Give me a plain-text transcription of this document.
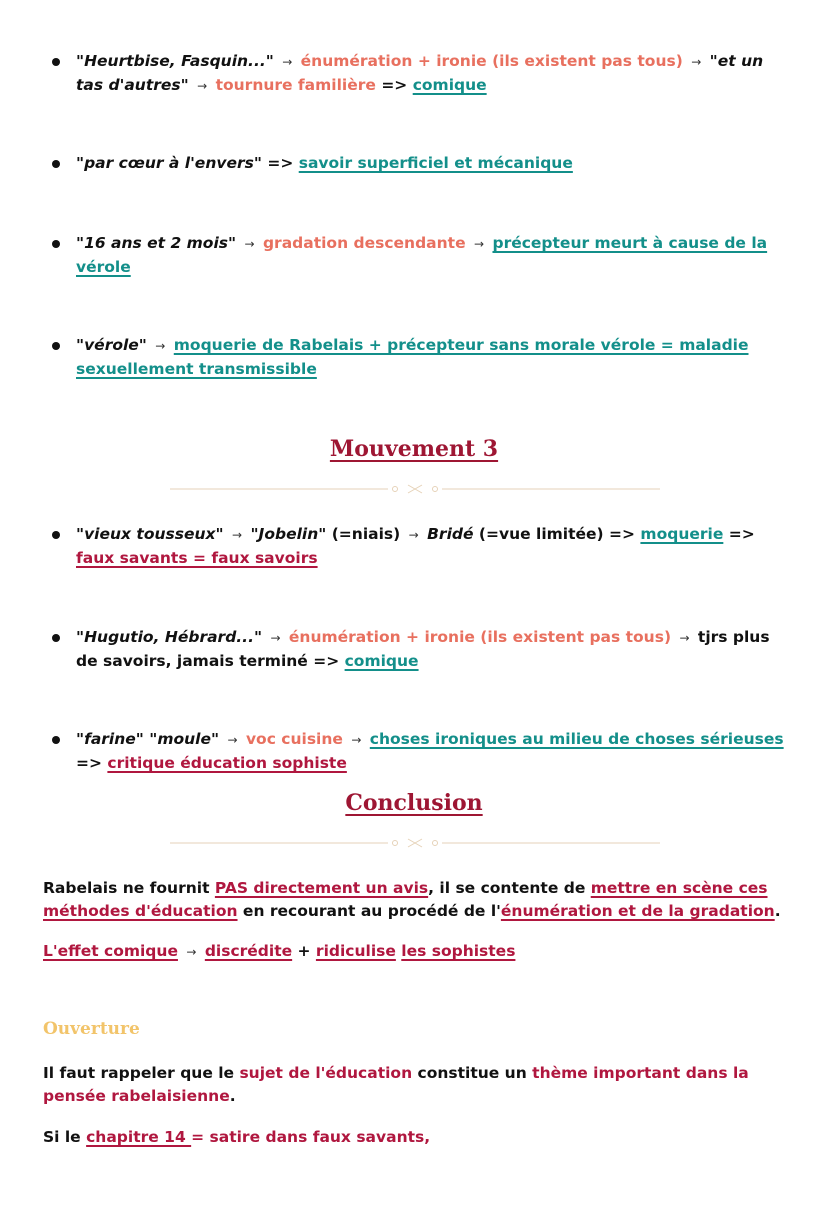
"Heurtbise, Fasquin..." → énumération + ironie (ils existent pas tous) → "et un tas d'autres" → tournure familière => comique
"par cœur à l'envers" => savoir superficiel et mécanique
"16 ans et 2 mois" → gradation descendante → précepteur meurt à cause de la vérole
"vérole" → moquerie de Rabelais + précepteur sans morale vérole = maladie sexuellement transmissible
Mouvement 3
"vieux tousseux" → "Jobelin" (=niais) → Bridé (=vue limitée) => moquerie => faux savants = faux savoirs
"Hugutio, Hébrard..." → énumération + ironie (ils existent pas tous) → tjrs plus de savoirs, jamais terminé => comique
"farine" "moule" → voc cuisine → choses ironiques au milieu de choses sérieuses => critique éducation sophiste
Conclusion
Rabelais ne fournit PAS directement un avis, il se contente de mettre en scène ces méthodes d'éducation en recourant au procédé de l'énumération et de la gradation.
L'effet comique → discrédite + ridiculise les sophistes
Ouverture
Il faut rappeler que le sujet de l'éducation constitue un thème important dans la pensée rabelaisienne.
Si le chapitre 14 = satire dans faux savants,
